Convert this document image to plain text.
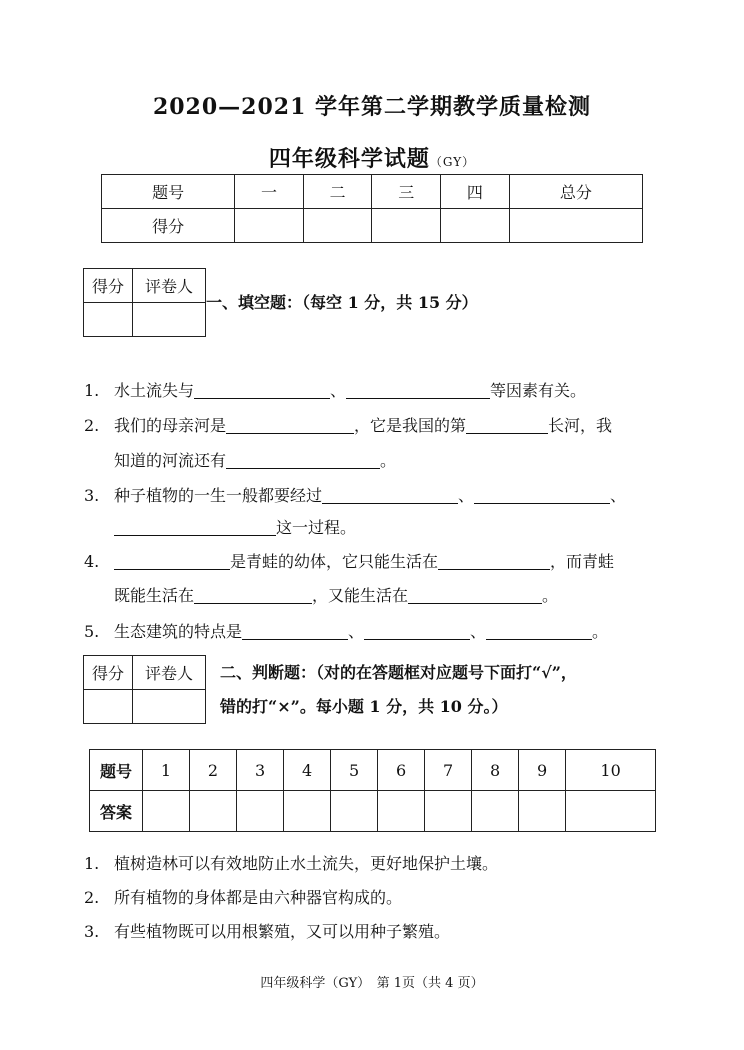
2020—2021 学年第二学期教学质量检测
四年级科学试题（GY）
题号	一	二	三	四	总分
得分					
得分	评卷人

一、填空题：（每空 1 分，共 15 分）
1. 水土流失与	、	等因素有关。
2. 我们的母亲河是	，它是我国的第	长河，我
知道的河流还有	。
3. 种子植物的一生一般都要经过	、	、
这一过程。
4.	是青蛙的幼体，它只能生活在	，而青蛙
既能生活在	，又能生活在	。
5. 生态建筑的特点是	、	、	。
得分	评卷人
	二、判断题：（对的在答题框对应题号下面打“√”，
错的打“×”。每小题 1 分，共 10 分。）
题号	1	2	3	4	5	6	7	8	9	10
答案										
1. 植树造林可以有效地防止水土流失，更好地保护土壤。
2. 所有植物的身体都是由六种器官构成的。
3. 有些植物既可以用根繁殖，又可以用种子繁殖。
四年级科学（GY）　第 1页（共 4 页）
